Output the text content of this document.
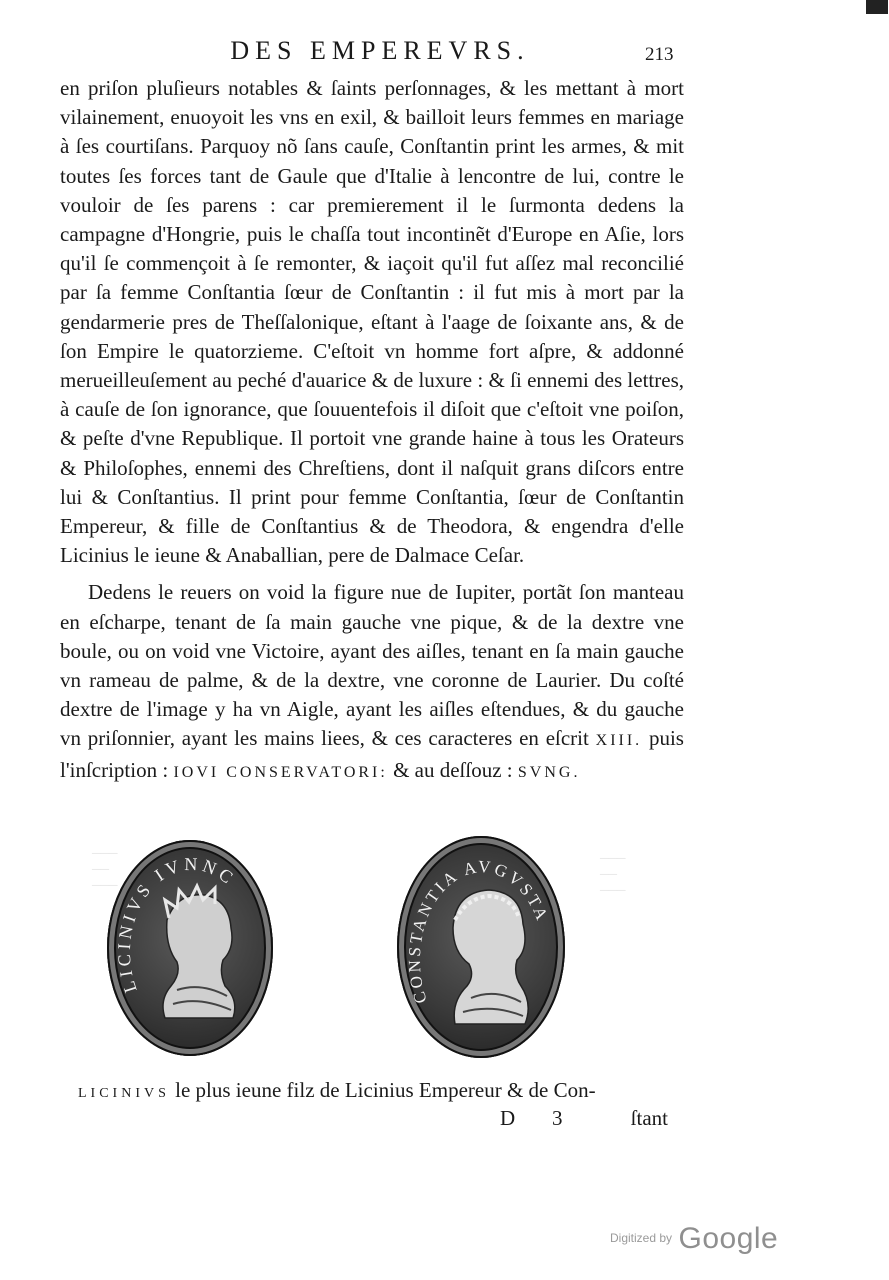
DES EMPEREVRS.	213

en priſon pluſieurs notables & ſaints perſonnages, & les mettant à mort vilainement, enuoyoit les vns en exil, & bailloit leurs femmes en mariage à ſes courtiſans. Parquoy nõ ſans cauſe, Conſtantin print les armes, & mit toutes ſes forces tant de Gaule que d'Italie à lencontre de lui, contre le vouloir de ſes parens : car premierement il le ſurmonta dedens la campagne d'Hongrie, puis le chaſſa tout incontinẽt d'Europe en Aſie, lors qu'il ſe commençoit à ſe remonter, & iaçoit qu'il fut aſſez mal reconcilié par ſa femme Conſtantia ſœur de Conſtantin : il fut mis à mort par la gendarmerie pres de Theſſalonique, eſtant à l'aage de ſoixante ans, & de ſon Empire le quatorzieme. C'eſtoit vn homme fort aſpre, & addonné merueilleuſement au peché d'auarice & de luxure : & ſi ennemi des lettres, à cauſe de ſon ignorance, que ſouuentefois il diſoit que c'eſtoit vne poiſon, & peſte d'vne Republique. Il portoit vne grande haine à tous les Orateurs & Philoſophes, ennemi des Chreſtiens, dont il naſquit grans diſcors entre lui & Conſtantius. Il print pour femme Conſtantia, ſœur de Conſtantin Empereur, & fille de Conſtantius & de Theodora, & engendra d'elle Licinius le ieune & Anaballian, pere de Dalmace Ceſar.

Dedens le reuers on void la figure nue de Iupiter, portãt ſon manteau en eſcharpe, tenant de ſa main gauche vne pique, & de la dextre vne boule, ou on void vne Victoire, ayant des aiſles, tenant en ſa main gauche vn rameau de palme, & de la dextre, vne coronne de Laurier. Du coſté dextre de l'image y ha vn Aigle, ayant les aiſles eſtendues, & du gauche vn priſonnier, ayant les mains liees, & ces caracteres en eſcrit XIII. puis l'inſcription : IOVI CONSERVATORI: & au deſſouz : SVNG.

───
──
───
───
──
───
LICINIVS IVNNC
CONSTANTIA AVGVSTA
LICINIVS le plus ieune filz de Licinius Empereur & de Con-
D 3	ſtant
$^{Digitized by}$ Google
